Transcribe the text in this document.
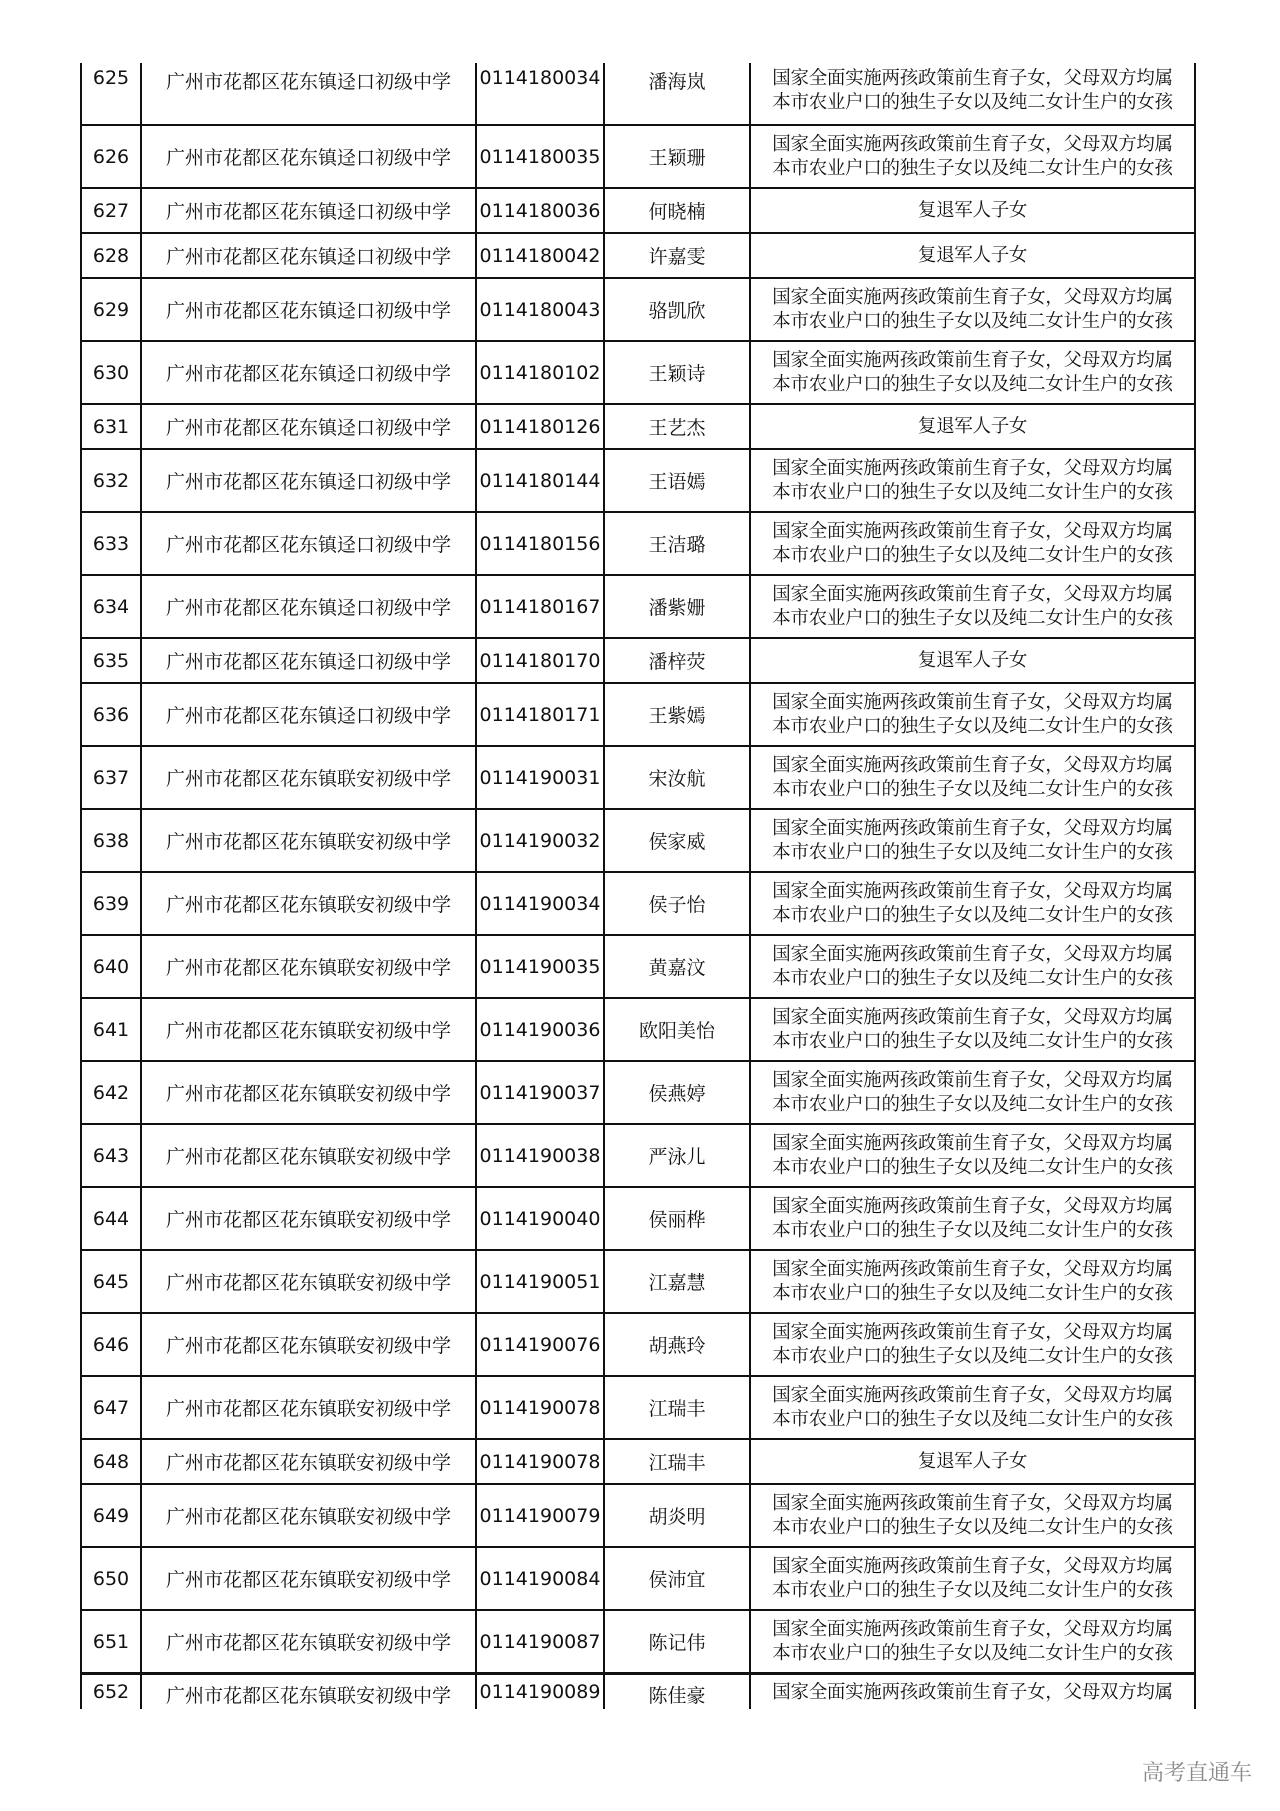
625	广州市花都区花东镇迳口初级中学	0114180034	潘海岚	国家全面实施两孩政策前生育子女，父母双方均属
本市农业户口的独生子女以及纯二女计生户的女孩

626	广州市花都区花东镇迳口初级中学	0114180035	王颖珊	国家全面实施两孩政策前生育子女，父母双方均属
本市农业户口的独生子女以及纯二女计生户的女孩

627	广州市花都区花东镇迳口初级中学	0114180036	何晓楠	复退军人子女
628	广州市花都区花东镇迳口初级中学	0114180042	许嘉雯	复退军人子女
629	广州市花都区花东镇迳口初级中学	0114180043	骆凯欣	国家全面实施两孩政策前生育子女，父母双方均属
本市农业户口的独生子女以及纯二女计生户的女孩

630	广州市花都区花东镇迳口初级中学	0114180102	王颖诗	国家全面实施两孩政策前生育子女，父母双方均属
本市农业户口的独生子女以及纯二女计生户的女孩

631	广州市花都区花东镇迳口初级中学	0114180126	王艺杰	复退军人子女
632	广州市花都区花东镇迳口初级中学	0114180144	王语嫣	国家全面实施两孩政策前生育子女，父母双方均属
本市农业户口的独生子女以及纯二女计生户的女孩

633	广州市花都区花东镇迳口初级中学	0114180156	王洁璐	国家全面实施两孩政策前生育子女，父母双方均属
本市农业户口的独生子女以及纯二女计生户的女孩

634	广州市花都区花东镇迳口初级中学	0114180167	潘紫姗	国家全面实施两孩政策前生育子女，父母双方均属
本市农业户口的独生子女以及纯二女计生户的女孩

635	广州市花都区花东镇迳口初级中学	0114180170	潘梓荧	复退军人子女
636	广州市花都区花东镇迳口初级中学	0114180171	王紫嫣	国家全面实施两孩政策前生育子女，父母双方均属
本市农业户口的独生子女以及纯二女计生户的女孩

637	广州市花都区花东镇联安初级中学	0114190031	宋汝航	国家全面实施两孩政策前生育子女，父母双方均属
本市农业户口的独生子女以及纯二女计生户的女孩

638	广州市花都区花东镇联安初级中学	0114190032	侯家威	国家全面实施两孩政策前生育子女，父母双方均属
本市农业户口的独生子女以及纯二女计生户的女孩

639	广州市花都区花东镇联安初级中学	0114190034	侯子怡	国家全面实施两孩政策前生育子女，父母双方均属
本市农业户口的独生子女以及纯二女计生户的女孩

640	广州市花都区花东镇联安初级中学	0114190035	黄嘉汶	国家全面实施两孩政策前生育子女，父母双方均属
本市农业户口的独生子女以及纯二女计生户的女孩

641	广州市花都区花东镇联安初级中学	0114190036	欧阳美怡	国家全面实施两孩政策前生育子女，父母双方均属
本市农业户口的独生子女以及纯二女计生户的女孩

642	广州市花都区花东镇联安初级中学	0114190037	侯燕婷	国家全面实施两孩政策前生育子女，父母双方均属
本市农业户口的独生子女以及纯二女计生户的女孩

643	广州市花都区花东镇联安初级中学	0114190038	严泳儿	国家全面实施两孩政策前生育子女，父母双方均属
本市农业户口的独生子女以及纯二女计生户的女孩

644	广州市花都区花东镇联安初级中学	0114190040	侯丽桦	国家全面实施两孩政策前生育子女，父母双方均属
本市农业户口的独生子女以及纯二女计生户的女孩

645	广州市花都区花东镇联安初级中学	0114190051	江嘉慧	国家全面实施两孩政策前生育子女，父母双方均属
本市农业户口的独生子女以及纯二女计生户的女孩

646	广州市花都区花东镇联安初级中学	0114190076	胡燕玲	国家全面实施两孩政策前生育子女，父母双方均属
本市农业户口的独生子女以及纯二女计生户的女孩

647	广州市花都区花东镇联安初级中学	0114190078	江瑞丰	国家全面实施两孩政策前生育子女，父母双方均属
本市农业户口的独生子女以及纯二女计生户的女孩

648	广州市花都区花东镇联安初级中学	0114190078	江瑞丰	复退军人子女
649	广州市花都区花东镇联安初级中学	0114190079	胡炎明	国家全面实施两孩政策前生育子女，父母双方均属
本市农业户口的独生子女以及纯二女计生户的女孩

650	广州市花都区花东镇联安初级中学	0114190084	侯沛宜	国家全面实施两孩政策前生育子女，父母双方均属
本市农业户口的独生子女以及纯二女计生户的女孩

651	广州市花都区花东镇联安初级中学	0114190087	陈记伟	国家全面实施两孩政策前生育子女，父母双方均属
本市农业户口的独生子女以及纯二女计生户的女孩

652	广州市花都区花东镇联安初级中学	0114190089	陈佳豪	国家全面实施两孩政策前生育子女，父母双方均属
高考直通车
